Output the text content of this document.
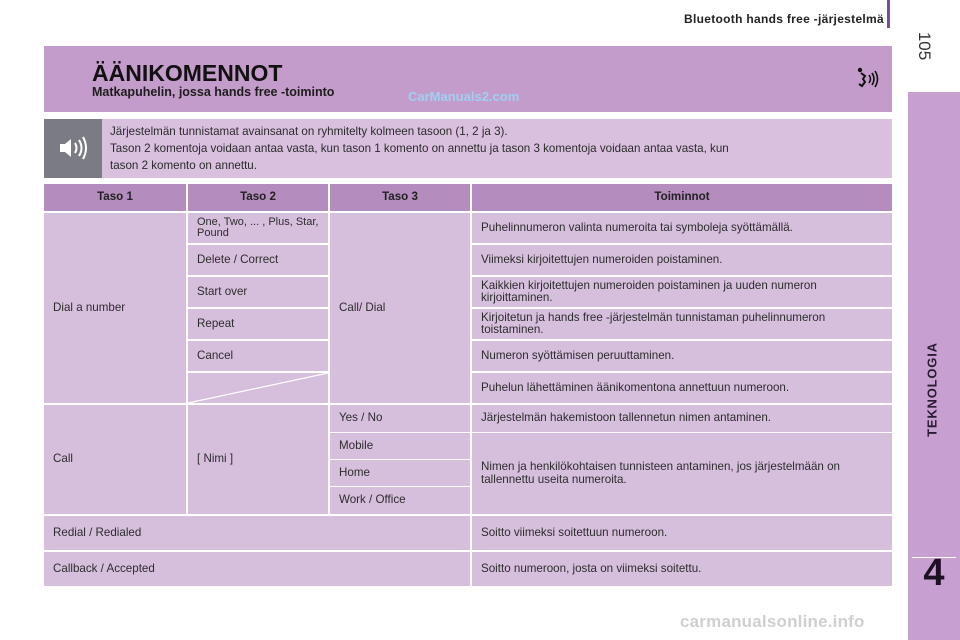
Bluetooth hands free -järjestelmä
105
TEKNOLOGIA
4
ÄÄNIKOMENNOT
Matkapuhelin, jossa hands free -toiminto	CarManuals2.com

Järjestelmän tunnistamat avainsanat on ryhmitelty kolmeen tasoon (1, 2 ja 3).
Tason 2 komentoja voidaan antaa vasta, kun tason 1 komento on annettu ja tason 3 komentoja voidaan antaa vasta, kun
tason 2 komento on annettu.

Taso 1	Taso 2	Taso 3	Toiminnot
Dial a number	Call/ Dial
One, Two, ... , Plus, Star, Pound	Puhelinnumeron valinta numeroita tai symboleja syöttämällä.
Delete / Correct	Viimeksi kirjoitettujen numeroiden poistaminen.
Start over	Kaikkien kirjoitettujen numeroiden poistaminen ja uuden numeron kirjoittaminen.
Repeat	Kirjoitetun ja hands free -järjestelmän tunnistaman puhelinnumeron toistaminen.
Cancel	Numeron syöttämisen peruuttaminen.
Puhelun lähettäminen äänikomentona annettuun numeroon.
Call	[ Nimi ]
Yes / No	Järjestelmän hakemistoon tallennetun nimen antaminen.
Mobile
Home
Work / Office
Nimen ja henkilökohtaisen tunnisteen antaminen, jos järjestelmään on tallennettu useita numeroita.
Redial / Redialed	Soitto viimeksi soitettuun numeroon.
Callback / Accepted	Soitto numeroon, josta on viimeksi soitettu.
carmanualsonline.info
